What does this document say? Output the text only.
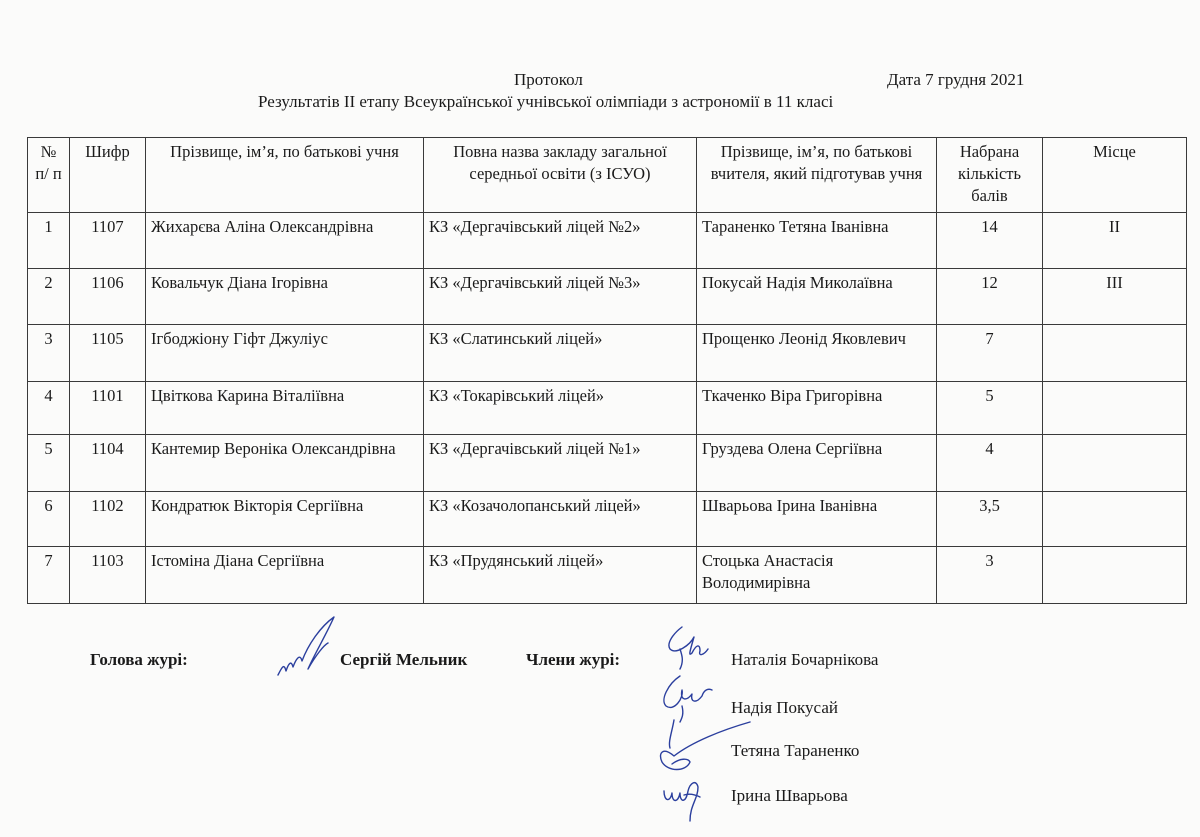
Протокол	Дата 7 грудня 2021
Результатів ІІ етапу Всеукраїнської учнівської олімпіади з астрономії в 11 класі
№ п/ п	Шифр	Прізвище, ім’я, по батькові учня	Повна назва закладу загальної середньої освіти (з ІСУО)	Прізвище, ім’я, по батькові вчителя, який підготував учня	Набрана кількість балів	Місце
1	1107	Жихарєва Аліна Олександрівна	КЗ «Дергачівський ліцей №2»	Тараненко Тетяна Іванівна	14	ІІ
2	1106	Ковальчук Діана Ігорівна	КЗ «Дергачівський ліцей №3»	Покусай Надія Миколаївна	12	ІІІ
3	1105	Ігбоджіону Гіфт Джуліус	КЗ «Слатинський ліцей»	Прощенко Леонід Яковлевич	7	
4	1101	Цвіткова Карина Віталіївна	КЗ «Токарівський ліцей»	Ткаченко Віра Григорівна	5	
5	1104	Кантемир Вероніка Олександрівна	КЗ «Дергачівський ліцей №1»	Груздева Олена Сергіївна	4	
6	1102	Кондратюк Вікторія Сергіївна	КЗ «Козачолопанський ліцей»	Шварьова Ірина Іванівна	3,5	
7	1103	Істоміна Діана Сергіївна	КЗ «Прудянський ліцей»	Стоцька Анастасія Володимирівна	3	
Голова журі:	Сергій Мельник	Члени журі:	Наталія Бочарнікова
Надія Покусай
Тетяна Тараненко
Ірина Шварьова
